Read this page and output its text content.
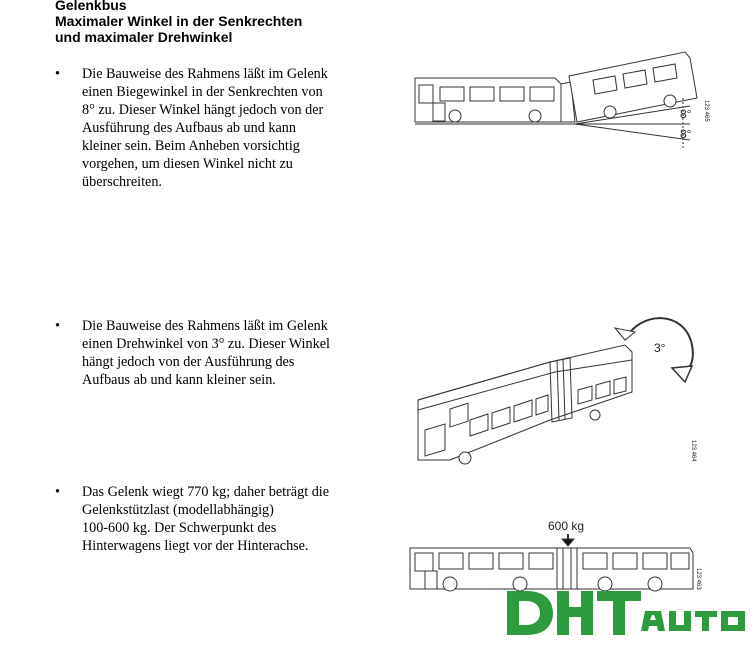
Gelenkbus
Maximaler Winkel in der Senkrechten
und maximaler Drehwinkel
• Die Bauweise des Rahmens läßt im Gelenk
einen Biegewinkel in der Senkrechten von
8° zu. Dieser Winkel hängt jedoch von der
Ausführung des Aufbaus ab und kann
kleiner sein. Beim Anheben vorsichtig
vorgehen, um diesen Winkel nicht zu
überschreiten.
• Die Bauweise des Rahmens läßt im Gelenk
einen Drehwinkel von 3° zu. Dieser Winkel
hängt jedoch von der Ausführung des
Aufbaus ab und kann kleiner sein.
• Das Gelenk wiegt 770 kg; daher beträgt die
Gelenkstützlast (modellabhängig)
100-600 kg. Der Schwerpunkt des
Hinterwagens liegt vor der Hinterachse.
8°
8°
123 465
3°
123 464
600 kg
123 463
